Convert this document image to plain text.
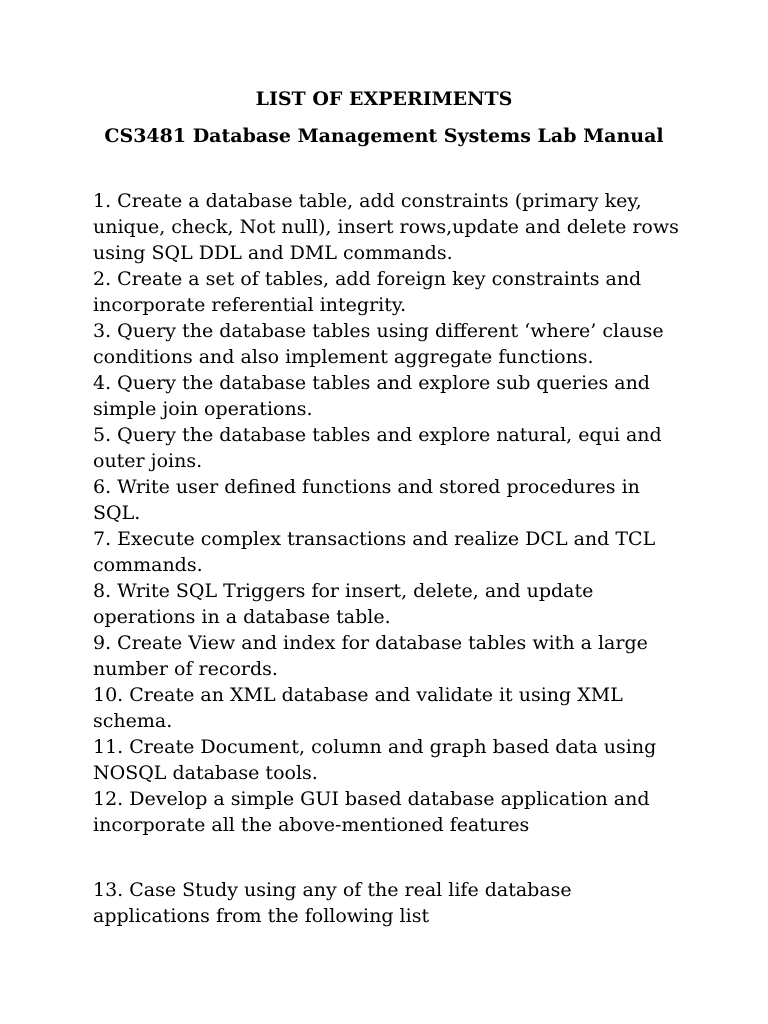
LIST OF EXPERIMENTS
CS3481 Database Management Systems Lab Manual
1. Create a database table, add constraints (primary key, unique, check, Not null), insert rows,update and delete rows using SQL DDL and DML commands.
2. Create a set of tables, add foreign key constraints and incorporate referential integrity.
3. Query the database tables using different ‘where’ clause conditions and also implement aggregate functions.
4. Query the database tables and explore sub queries and simple join operations.
5. Query the database tables and explore natural, equi and outer joins.
6. Write user defined functions and stored procedures in SQL.
7. Execute complex transactions and realize DCL and TCL commands.
8. Write SQL Triggers for insert, delete, and update operations in a database table.
9. Create View and index for database tables with a large number of records.
10. Create an XML database and validate it using XML schema.
11. Create Document, column and graph based data using NOSQL database tools.
12. Develop a simple GUI based database application and incorporate all the above-mentioned features

13. Case Study using any of the real life database applications from the following list
